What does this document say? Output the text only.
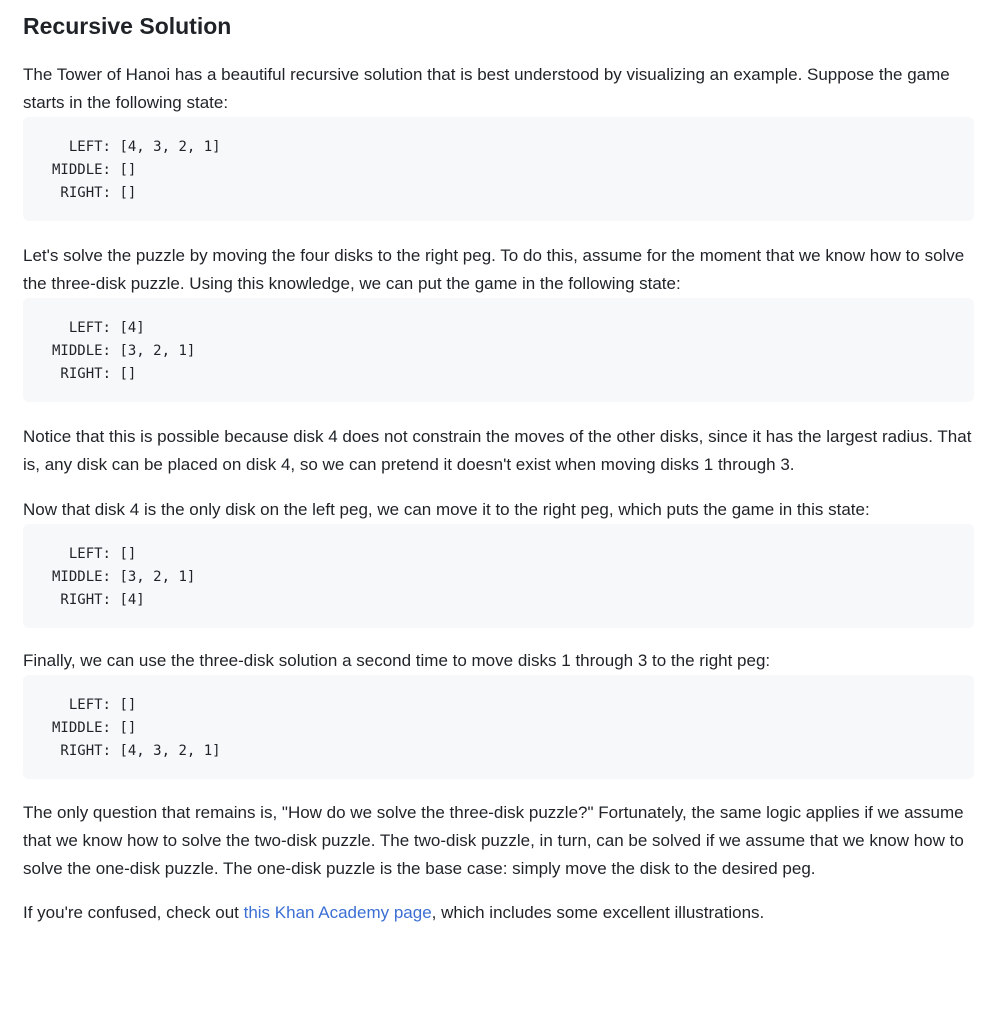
Recursive Solution

The Tower of Hanoi has a beautiful recursive solution that is best understood by visualizing an example. Suppose the game starts in the following state:

LEFT: [4, 3, 2, 1]
MIDDLE: []
RIGHT: []

Let's solve the puzzle by moving the four disks to the right peg. To do this, assume for the moment that we know how to solve the three-disk puzzle. Using this knowledge, we can put the game in the following state:

LEFT: [4]
MIDDLE: [3, 2, 1]
RIGHT: []

Notice that this is possible because disk 4 does not constrain the moves of the other disks, since it has the largest radius. That is, any disk can be placed on disk 4, so we can pretend it doesn't exist when moving disks 1 through 3.

Now that disk 4 is the only disk on the left peg, we can move it to the right peg, which puts the game in this state:

LEFT: []
MIDDLE: [3, 2, 1]
RIGHT: [4]

Finally, we can use the three-disk solution a second time to move disks 1 through 3 to the right peg:

LEFT: []
MIDDLE: []
RIGHT: [4, 3, 2, 1]

The only question that remains is, "How do we solve the three-disk puzzle?" Fortunately, the same logic applies if we assume that we know how to solve the two-disk puzzle. The two-disk puzzle, in turn, can be solved if we assume that we know how to solve the one-disk puzzle. The one-disk puzzle is the base case: simply move the disk to the desired peg.

If you're confused, check out this Khan Academy page, which includes some excellent illustrations.
